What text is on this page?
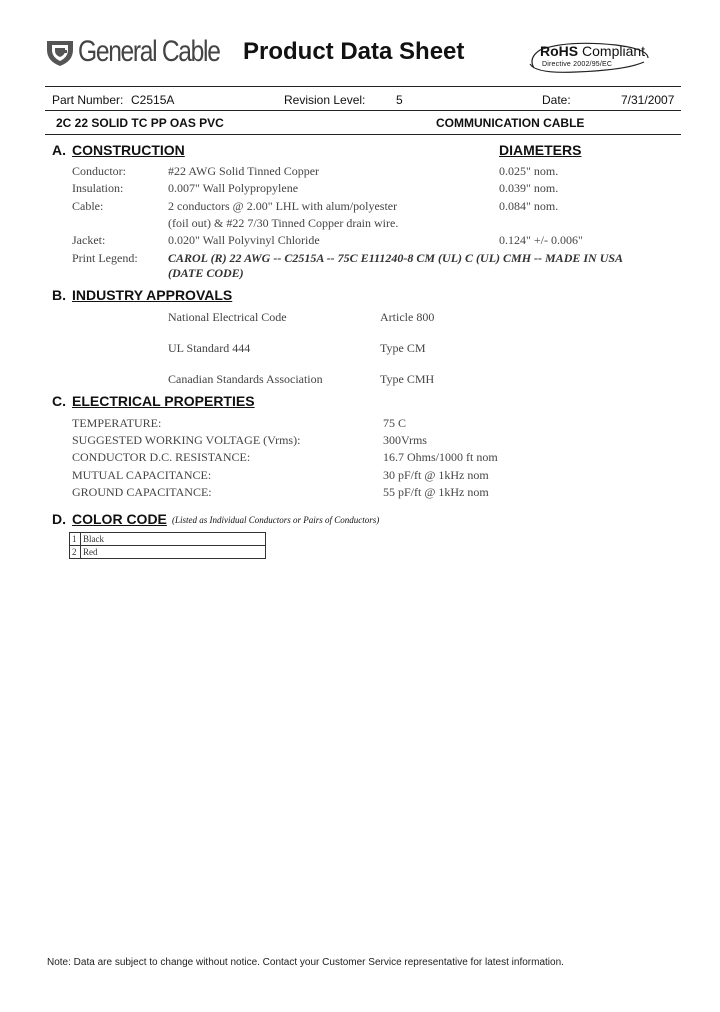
General Cable Product Data Sheet	RoHS Compliant
Directive 2002/95/EC
Part Number: C2515A	Revision Level:	5	Date:	7/31/2007
2C 22 SOLID TC PP OAS PVC	COMMUNICATION CABLE
A. CONSTRUCTION	DIAMETERS
Conductor:	#22 AWG Solid Tinned Copper	0.025" nom.
Insulation:	0.007" Wall Polypropylene	0.039" nom.
Cable:	2 conductors @ 2.00" LHL with alum/polyester	0.084" nom.
(foil out) & #22 7/30 Tinned Copper drain wire.
Jacket:	0.020" Wall Polyvinyl Chloride	0.124" +/- 0.006"
Print Legend:	CAROL (R) 22 AWG -- C2515A -- 75C E111240-8 CM (UL) C (UL) CMH -- MADE IN USA
(DATE CODE)
B. INDUSTRY APPROVALS
National Electrical Code	Article 800
UL Standard 444	Type CM
Canadian Standards Association	Type CMH
C. ELECTRICAL PROPERTIES
TEMPERATURE:	75 C
SUGGESTED WORKING VOLTAGE (Vrms):	300Vrms
CONDUCTOR D.C. RESISTANCE:	16.7 Ohms/1000 ft nom
MUTUAL CAPACITANCE:	30 pF/ft @ 1kHz nom
GROUND CAPACITANCE:	55 pF/ft @ 1kHz nom
D. COLOR CODE (Listed as Individual Conductors or Pairs of Conductors)
1	Black
2	Red
Note: Data are subject to change without notice. Contact your Customer Service representative for latest information.
